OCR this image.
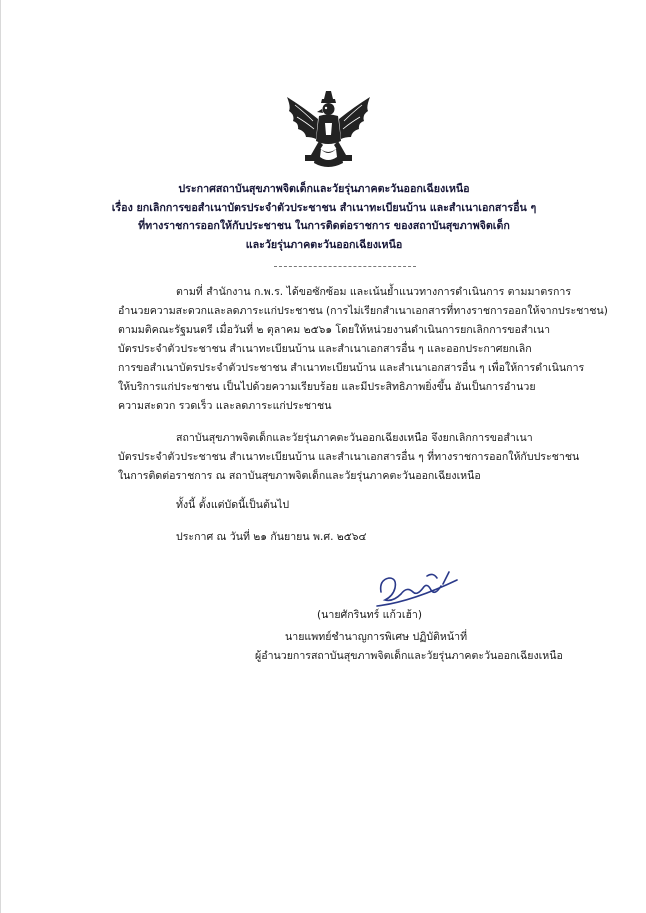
ประกาศสถาบันสุขภาพจิตเด็กและวัยรุ่นภาคตะวันออกเฉียงเหนือ
เรื่อง ยกเลิกการขอสำเนาบัตรประจำตัวประชาชน สำเนาทะเบียนบ้าน และสำเนาเอกสารอื่น ๆ
ที่ทางราชการออกให้กับประชาชน ในการติดต่อราชการ ของสถาบันสุขภาพจิตเด็ก
และวัยรุ่นภาคตะวันออกเฉียงเหนือ
ตามที่ สำนักงาน ก.พ.ร. ได้ขอซักซ้อม และเน้นย้ำแนวทางการดำเนินการ ตามมาตรการ
อำนวยความสะดวกและลดภาระแก่ประชาชน (การไม่เรียกสำเนาเอกสารที่ทางราชการออกให้จากประชาชน)
ตามมติคณะรัฐมนตรี เมื่อวันที่ ๒ ตุลาคม ๒๕๖๑ โดยให้หน่วยงานดำเนินการยกเลิกการขอสำเนา
บัตรประจำตัวประชาชน สำเนาทะเบียนบ้าน และสำเนาเอกสารอื่น ๆ และออกประกาศยกเลิก
การขอสำเนาบัตรประจำตัวประชาชน สำเนาทะเบียนบ้าน และสำเนาเอกสารอื่น ๆ เพื่อให้การดำเนินการ
ให้บริการแก่ประชาชน เป็นไปด้วยความเรียบร้อย และมีประสิทธิภาพยิ่งขึ้น อันเป็นการอำนวย
ความสะดวก รวดเร็ว และลดภาระแก่ประชาชน
สถาบันสุขภาพจิตเด็กและวัยรุ่นภาคตะวันออกเฉียงเหนือ จึงยกเลิกการขอสำเนา
บัตรประจำตัวประชาชน สำเนาทะเบียนบ้าน และสำเนาเอกสารอื่น ๆ ที่ทางราชการออกให้กับประชาชน
ในการติดต่อราชการ ณ สถาบันสุขภาพจิตเด็กและวัยรุ่นภาคตะวันออกเฉียงเหนือ
ทั้งนี้ ตั้งแต่บัดนี้เป็นต้นไป
ประกาศ ณ วันที่ ๒๑ กันยายน พ.ศ. ๒๕๖๔
(นายศักรินทร์ แก้วเฮ้า)
นายแพทย์ชำนาญการพิเศษ ปฏิบัติหน้าที่
ผู้อำนวยการสถาบันสุขภาพจิตเด็กและวัยรุ่นภาคตะวันออกเฉียงเหนือ
